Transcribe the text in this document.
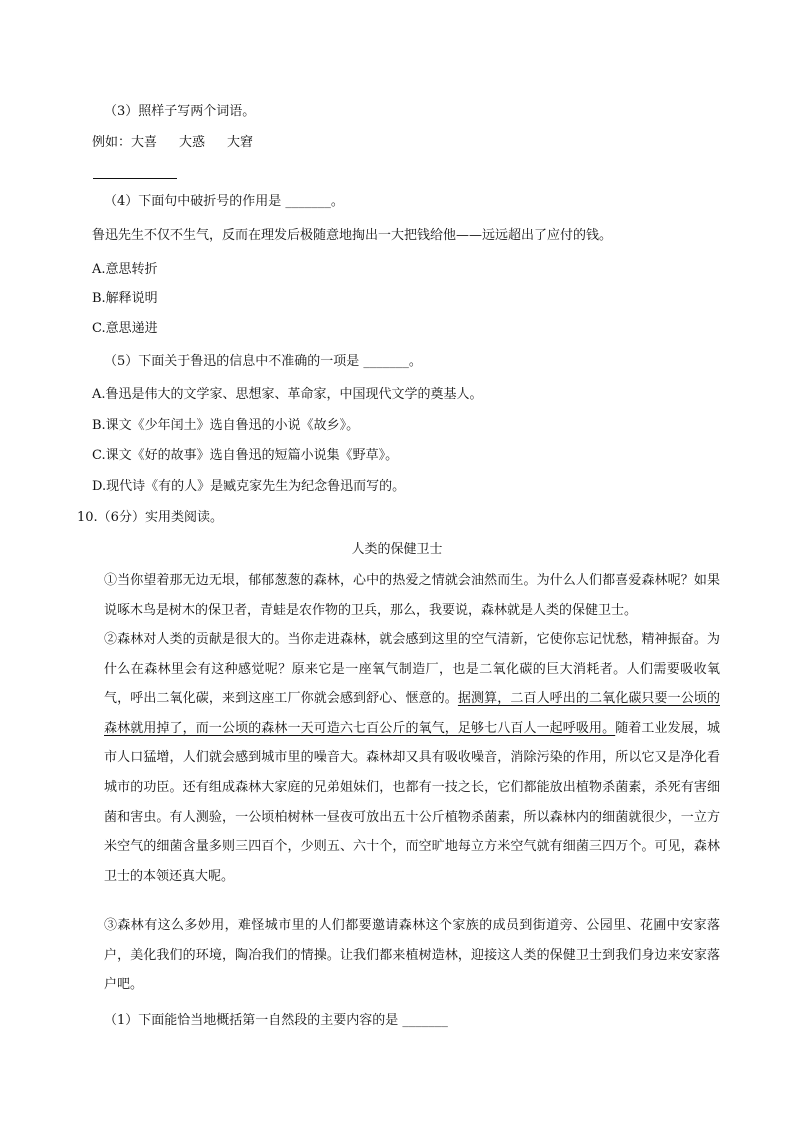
（3）照样子写两个词语。
例如：大喜 大惑 大窘
（4）下面句中破折号的作用是 _______。
鲁迅先生不仅不生气，反而在理发后极随意地掏出一大把钱给他——远远超出了应付的钱。
A.意思转折
B.解释说明
C.意思递进
（5）下面关于鲁迅的信息中不准确的一项是 _______。
A.鲁迅是伟大的文学家、思想家、革命家，中国现代文学的奠基人。
B.课文《少年闰土》选自鲁迅的小说《故乡》。
C.课文《好的故事》选自鲁迅的短篇小说集《野草》。
D.现代诗《有的人》是臧克家先生为纪念鲁迅而写的。
10.（6分）实用类阅读。
人类的保健卫士
①当你望着那无边无垠，郁郁葱葱的森林，心中的热爱之情就会油然而生。为什么人们都喜爱森林呢？如果说啄木鸟是树木的保卫者，青蛙是农作物的卫兵，那么，我要说，森林就是人类的保健卫士。
②森林对人类的贡献是很大的。当你走进森林，就会感到这里的空气清新，它使你忘记忧愁，精神振奋。为什么在森林里会有这种感觉呢？原来它是一座氧气制造厂，也是二氧化碳的巨大消耗者。人们需要吸收氧气，呼出二氧化碳，来到这座工厂你就会感到舒心、惬意的。据测算，二百人呼出的二氧化碳只要一公顷的森林就用掉了，而一公顷的森林一天可造六七百公斤的氧气，足够七八百人一起呼吸用。随着工业发展，城市人口猛增，人们就会感到城市里的噪音大。森林却又具有吸收噪音，消除污染的作用，所以它又是净化看城市的功臣。还有组成森林大家庭的兄弟姐妹们，也都有一技之长，它们都能放出植物杀菌素，杀死有害细菌和害虫。有人测验，一公顷柏树林一昼夜可放出五十公斤植物杀菌素，所以森林内的细菌就很少，一立方米空气的细菌含量多则三四百个，少则五、六十个，而空旷地每立方米空气就有细菌三四万个。可见，森林卫士的本领还真大呢。
③森林有这么多妙用，难怪城市里的人们都要邀请森林这个家族的成员到街道旁、公园里、花圃中安家落户，美化我们的环境，陶冶我们的情操。让我们都来植树造林，迎接这人类的保健卫士到我们身边来安家落户吧。
（1）下面能恰当地概括第一自然段的主要内容的是 _______
